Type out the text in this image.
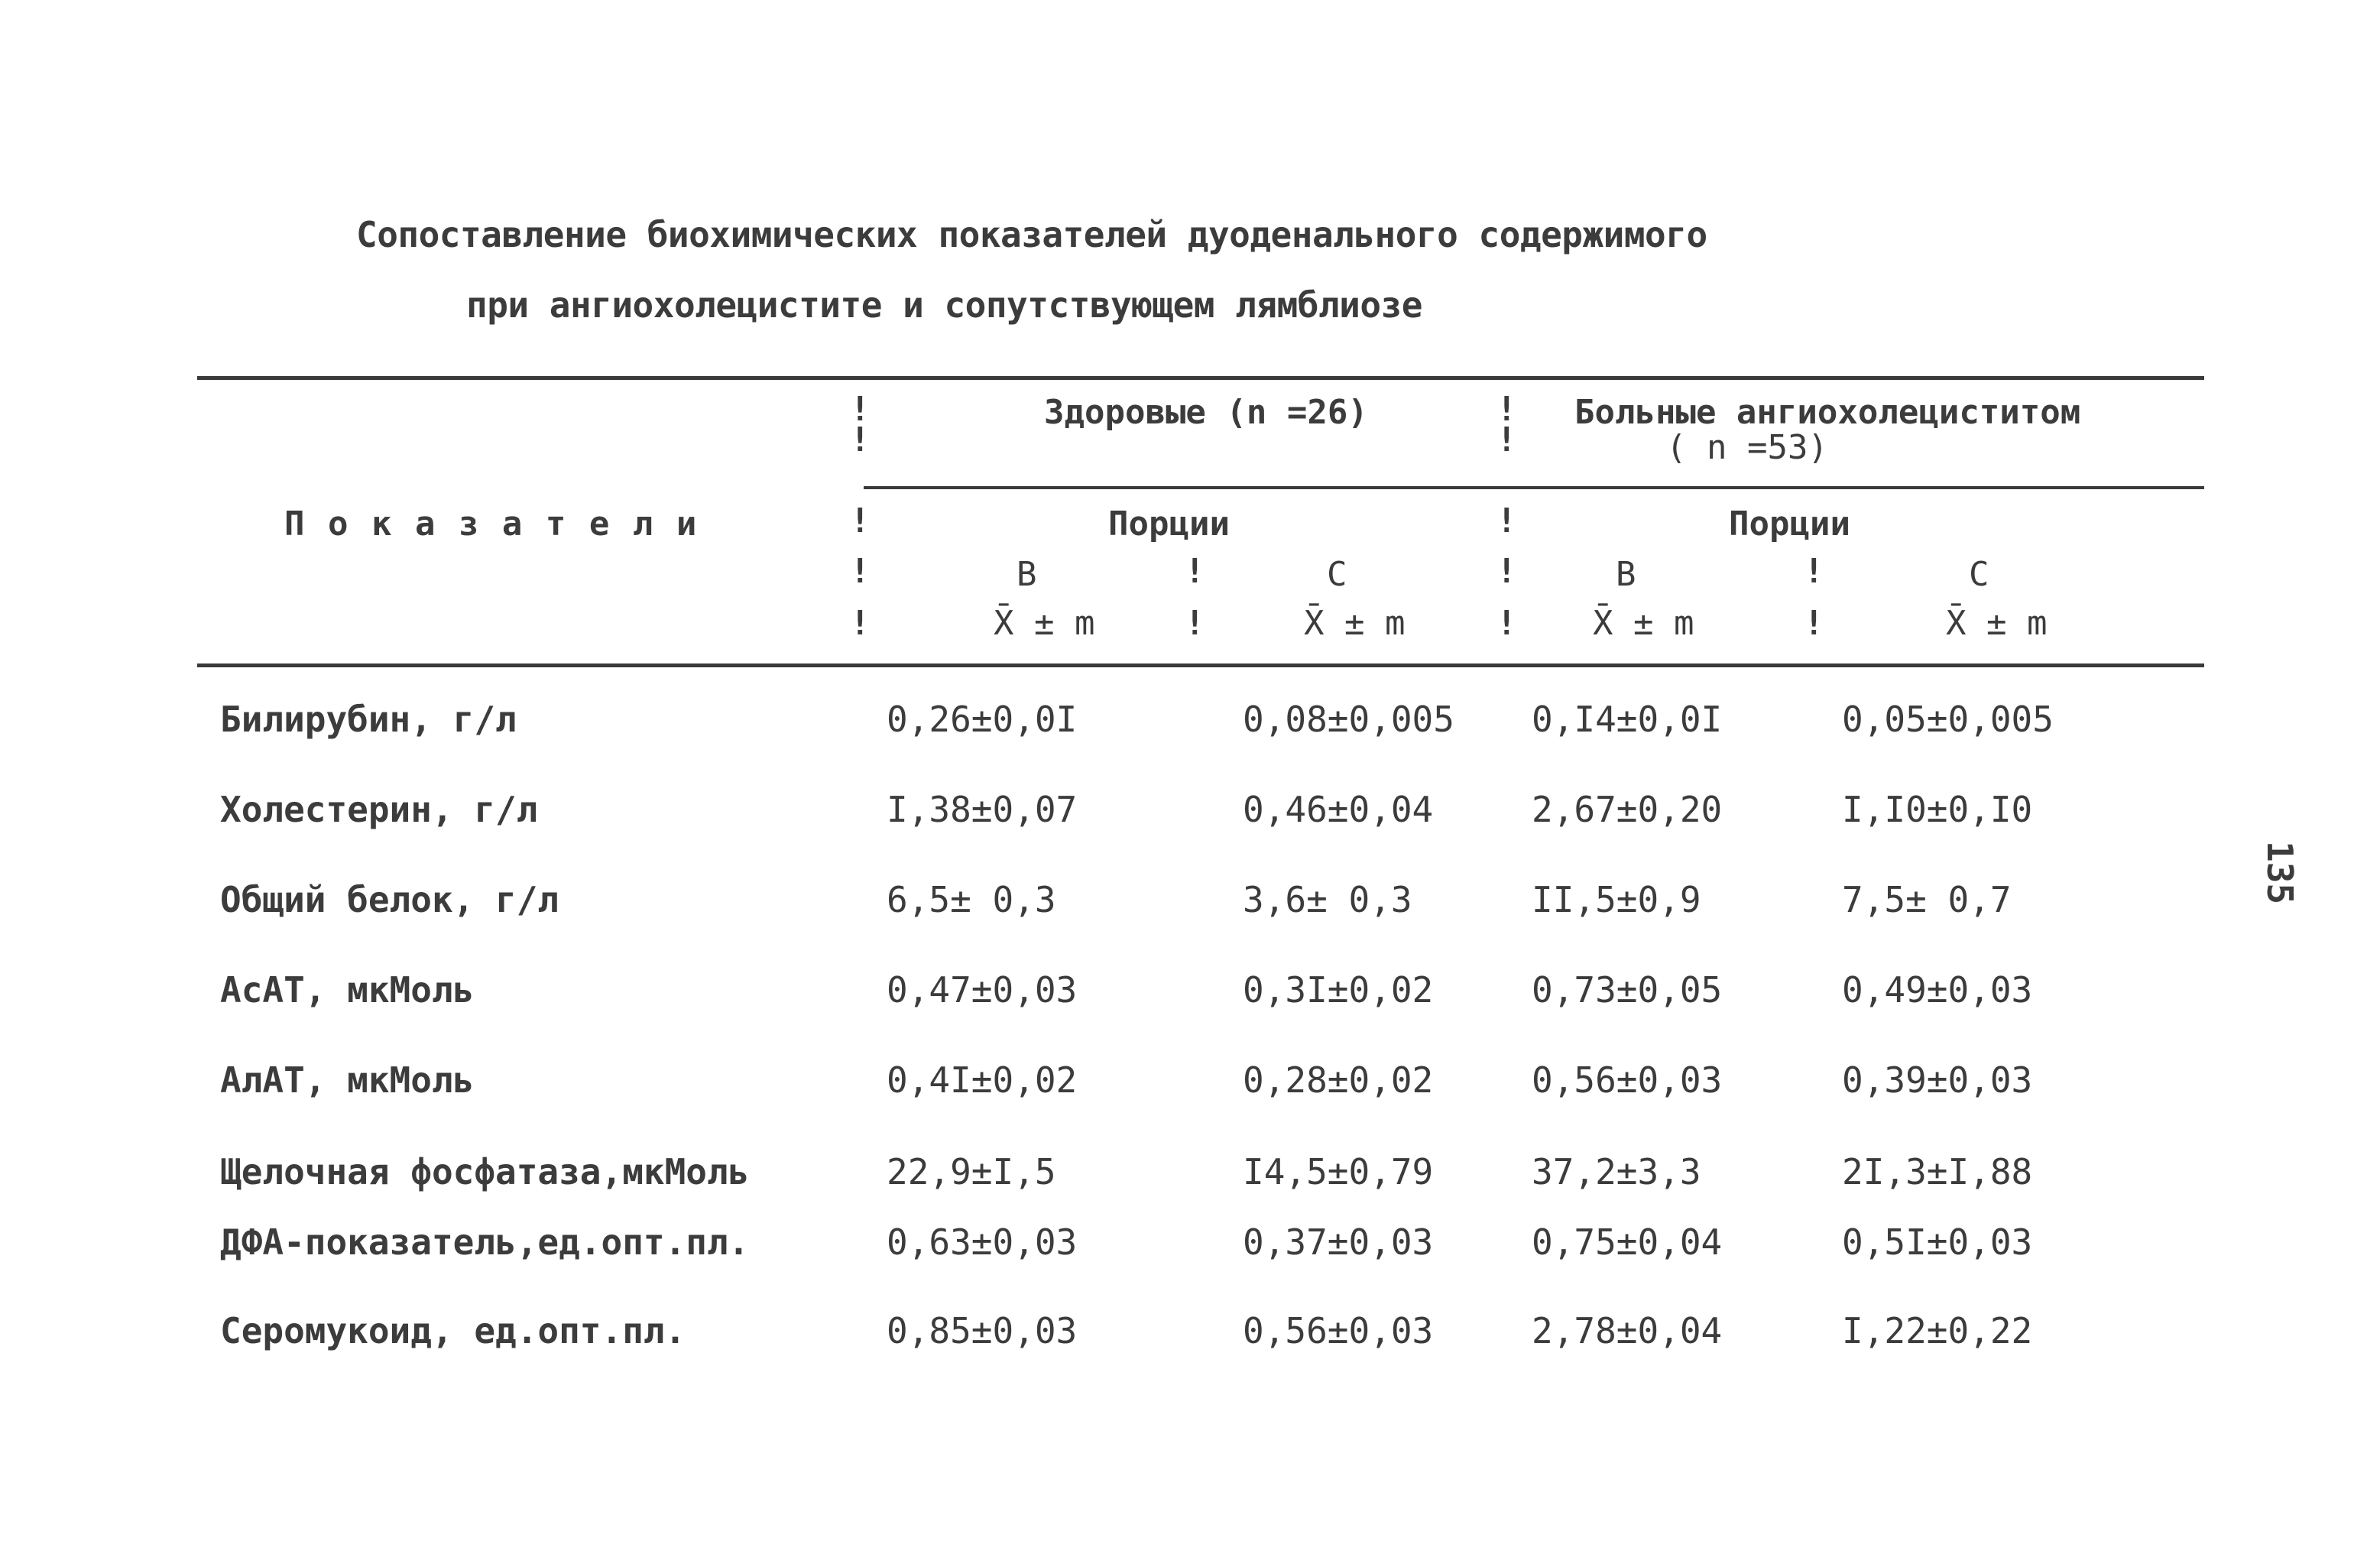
Сопоставление биохимических показателей дуоденального содержимого
при ангиохолецистите и сопутствующем лямблиозе
П о к а з а т е л и
Здоровые (n =26)	Больные ангиохолециститом
( n =53)
Порции	Порции
B	C	B	C
X̄ ± m	X̄ ± m	X̄ ± m	X̄ ± m
!
!
!
!
!	!
!	!	!	!
!	!	!	!
Билирубин, г/л	0,26±0,0I	0,08±0,005 0,I4±0,0I	0,05±0,005
Холестерин, г/л	I,38±0,07	0,46±0,04	2,67±0,20	I,I0±0,I0
Общий белок, г/л	6,5± 0,3	3,6± 0,3	II,5±0,9	7,5± 0,7
АсАТ, мкМоль	0,47±0,03	0,3I±0,02	0,73±0,05	0,49±0,03
АлАТ, мкМоль	0,4I±0,02	0,28±0,02	0,56±0,03	0,39±0,03
Щелочная фосфатаза,мкМоль	22,9±I,5	I4,5±0,79	37,2±3,3	2I,3±I,88
ДФА-показатель,ед.опт.пл.	0,63±0,03	0,37±0,03	0,75±0,04	0,5I±0,03
Серомукоид, ед.опт.пл.	0,85±0,03	0,56±0,03	2,78±0,04	I,22±0,22
135
